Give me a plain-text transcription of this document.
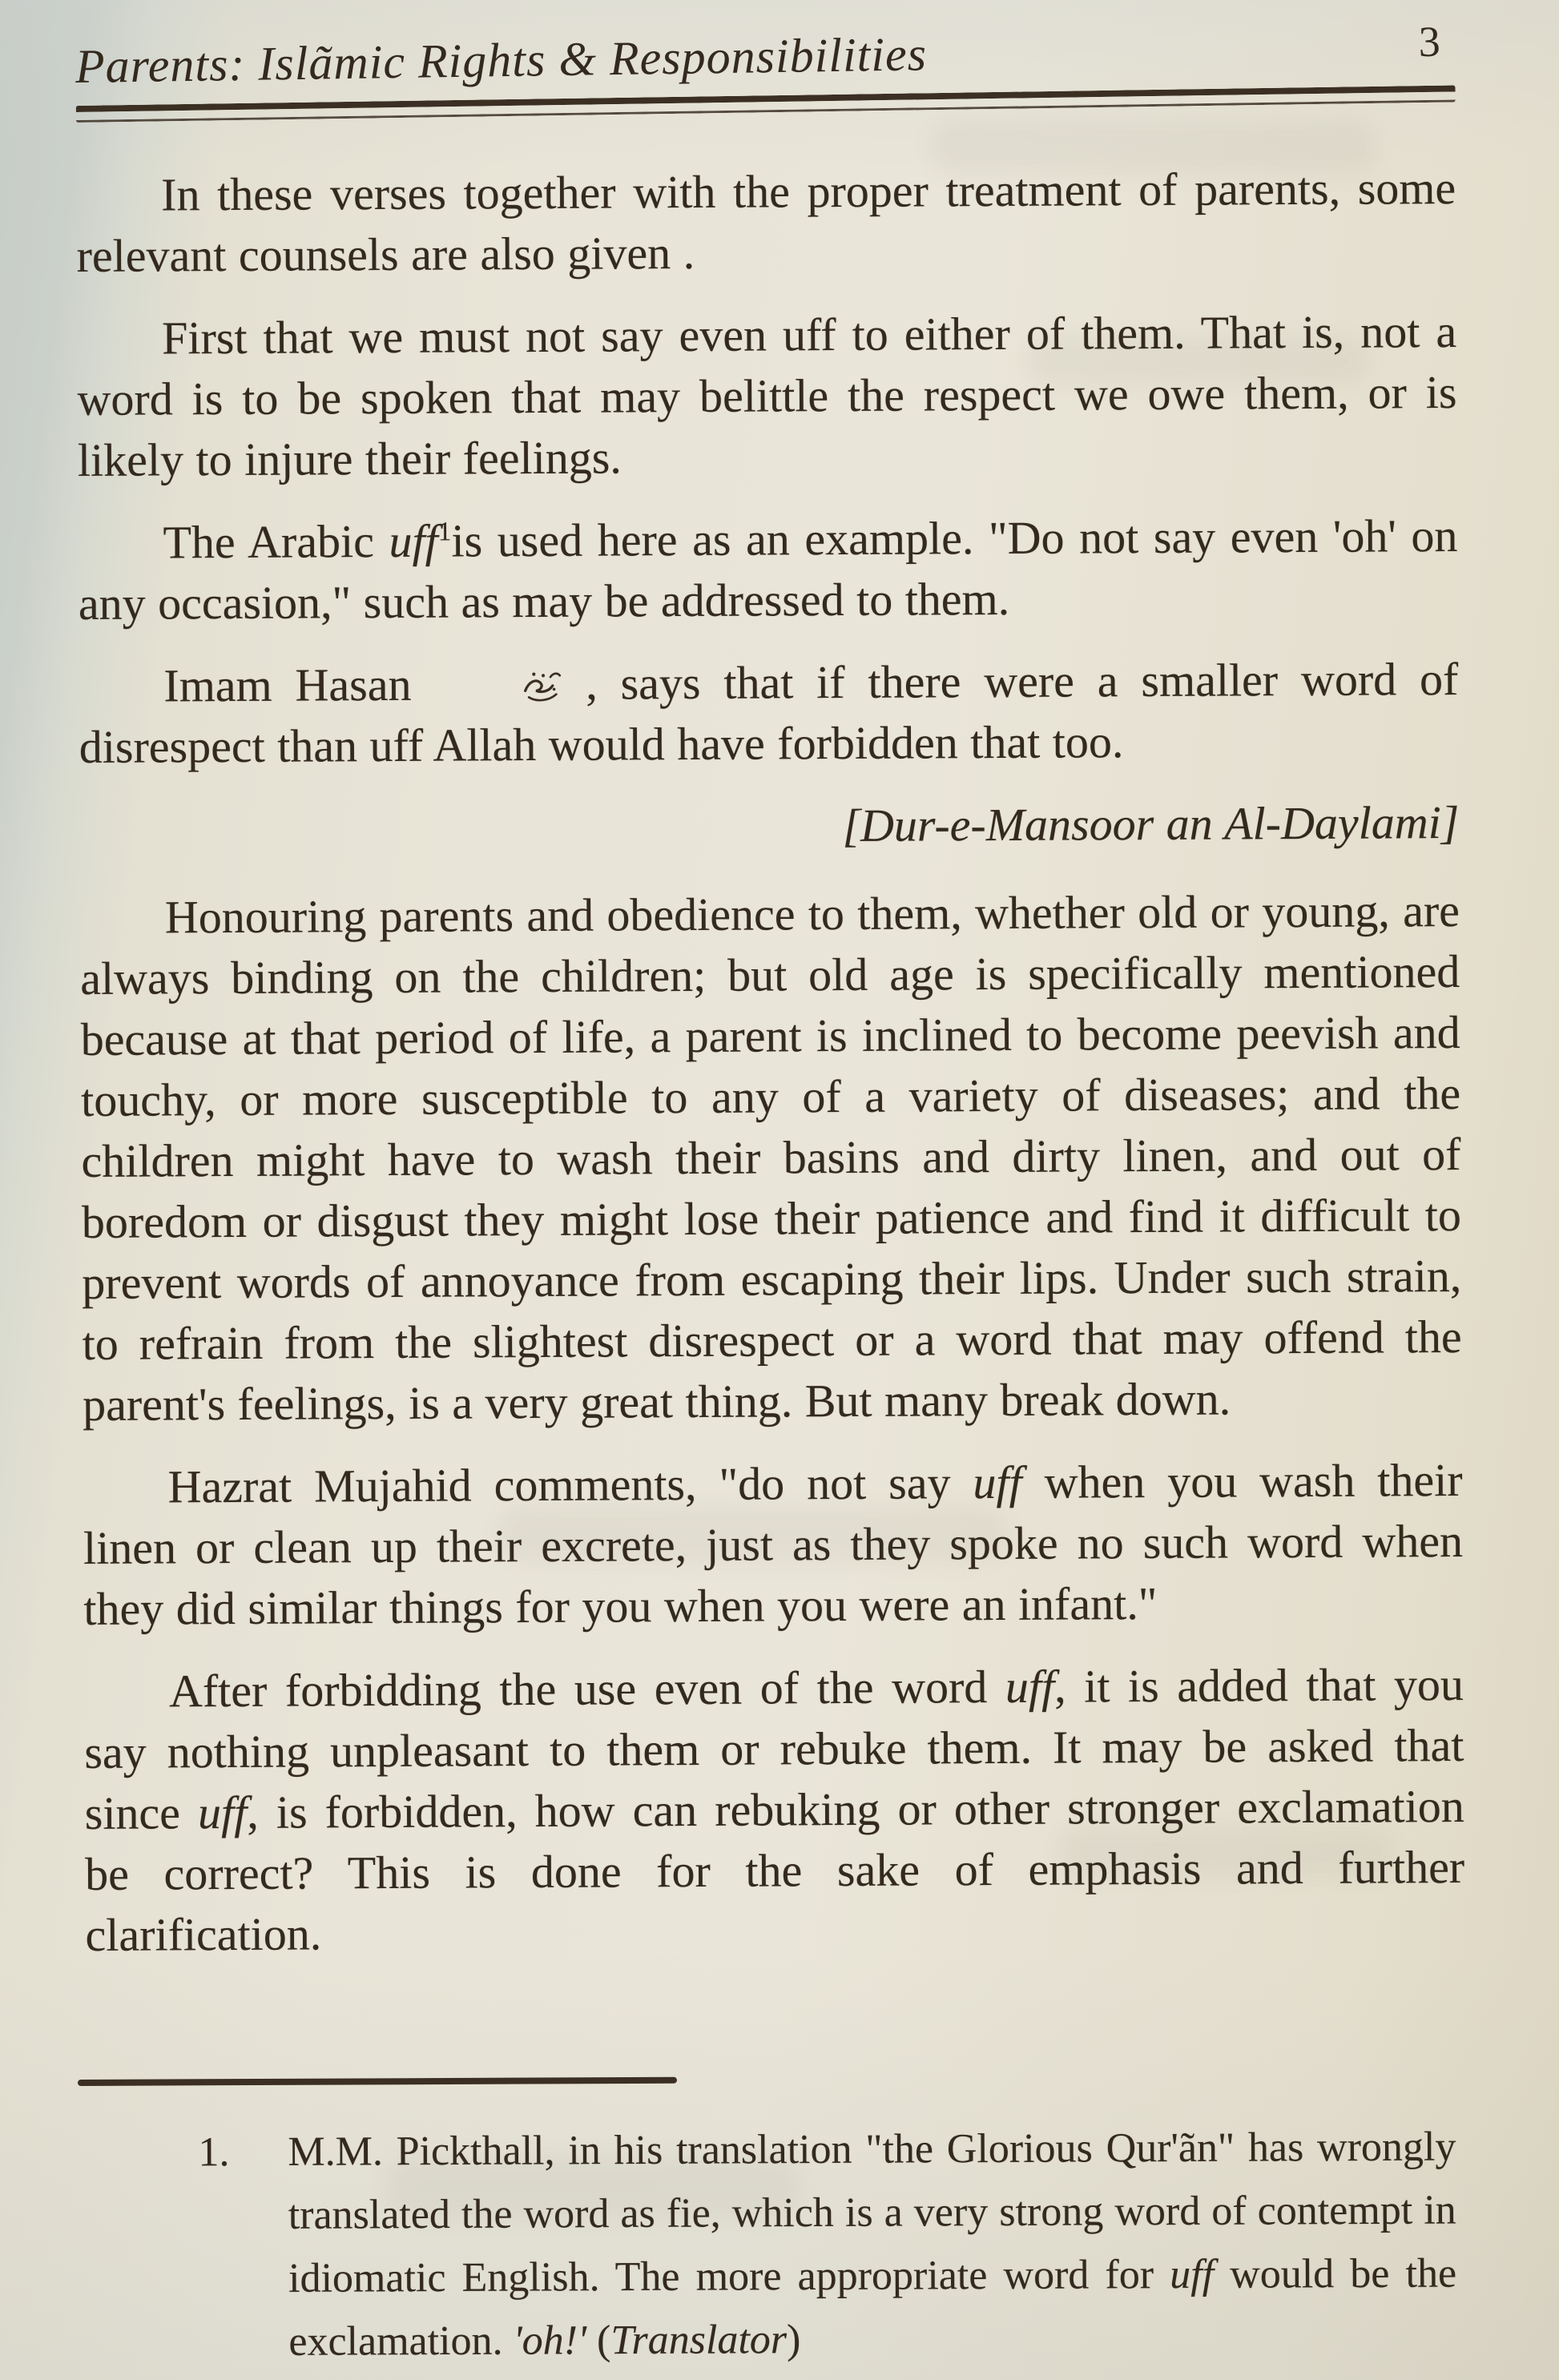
Parents: Islãmic Rights & Responsibilities	3

In these verses together with the proper treatment of parents, some relevant counsels are also given .

First that we must not say even uff to either of them. That is, not a word is to be spoken that may belittle the respect we owe them, or is likely to injure their feelings.

The Arabic uff$^1$is used here as an example. "Do not say even 'oh' on any occasion," such as may be addressed to them.

Imam Hasan	, says that if there were a smaller word of disrespect than uff Allah would have forbidden that too.

[Dur-e-Mansoor an Al-Daylami]

Honouring parents and obedience to them, whether old or young, are always binding on the children; but old age is specifically mentioned because at that period of life, a parent is inclined to become peevish and touchy, or more susceptible to any of a variety of diseases; and the children might have to wash their basins and dirty linen, and out of boredom or disgust they might lose their patience and find it difficult to prevent words of annoyance from escaping their lips. Under such strain, to refrain from the slightest disrespect or a word that may offend the parent's feelings, is a very great thing. But many break down.

Hazrat Mujahid comments, "do not say uff when you wash their linen or clean up their excrete, just as they spoke no such word when they did similar things for you when you were an infant."

After forbidding the use even of the word uff, it is added that you say nothing unpleasant to them or rebuke them. It may be asked that since uff, is forbidden, how can rebuking or other stronger exclamation be correct? This is done for the sake of emphasis and further clarification.

1.	M.M. Pickthall, in his translation "the Glorious Qur'ãn" has wrongly translated the word as fie, which is a very strong word of contempt in idiomatic English. The more appropriate word for uff would be the exclamation. 'oh!' (Translator)
